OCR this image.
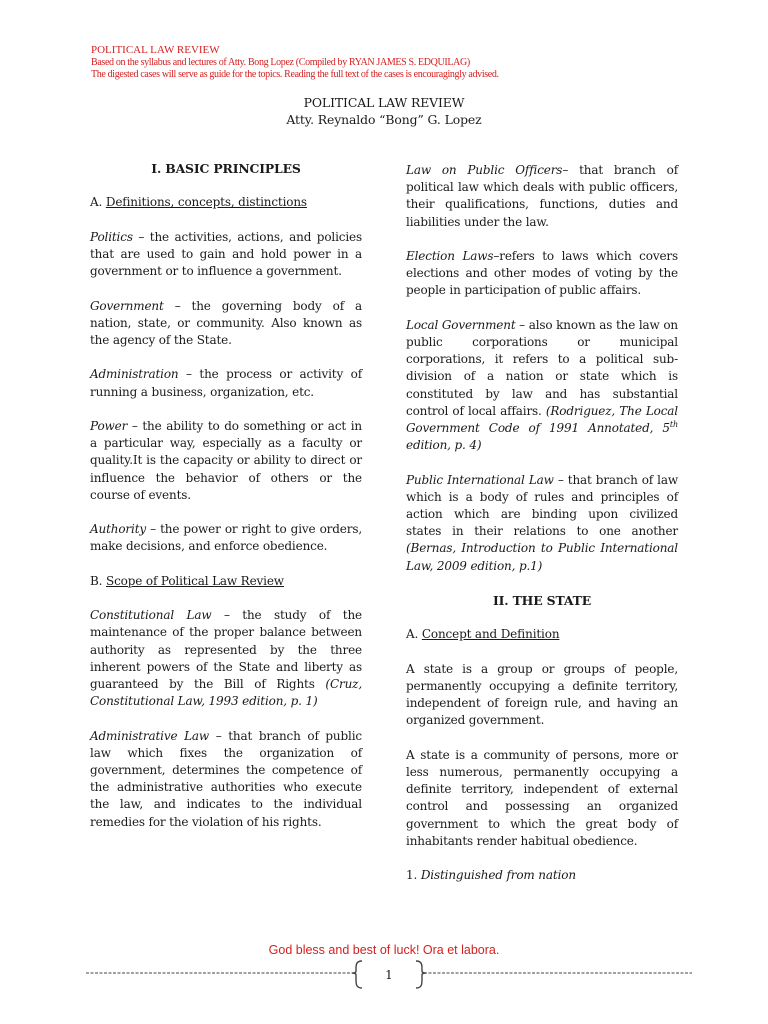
POLITICAL LAW REVIEW
Based on the syllabus and lectures of Atty. Bong Lopez (Compiled by RYAN JAMES S. EDQUILAG)
The digested cases will serve as guide for the topics. Reading the full text of the cases is encouragingly advised.
POLITICAL LAW REVIEW
Atty. Reynaldo “Bong” G. Lopez
I. BASIC PRINCIPLES
A. Definitions, concepts, distinctions

Politics – the activities, actions, and policies that are used to gain and hold power in a government or to influence a government.

Government – the governing body of a nation, state, or community. Also known as the agency of the State.

Administration – the process or activity of running a business, organization, etc.

Power – the ability to do something or act in a particular way, especially as a faculty or quality.It is the capacity or ability to direct or influence the behavior of others or the course of events.

Authority – the power or right to give orders, make decisions, and enforce obedience.

B. Scope of Political Law Review

Constitutional Law – the study of the maintenance of the proper balance between authority as represented by the three inherent powers of the State and liberty as guaranteed by the Bill of Rights (Cruz, Constitutional Law, 1993 edition, p. 1)

Administrative Law – that branch of public law which fixes the organization of government, determines the competence of the administrative authorities who execute the law, and indicates to the individual remedies for the violation of his rights.

Law on Public Officers– that branch of political law which deals with public officers, their qualifications, functions, duties and liabilities under the law.

Election Laws–refers to laws which covers elections and other modes of voting by the people in participation of public affairs.

Local Government – also known as the law on public corporations or municipal corporations, it refers to a political sub-division of a nation or state which is constituted by law and has substantial control of local affairs. (Rodriguez, The Local Government Code of 1991 Annotated, 5th edition, p. 4)

Public International Law – that branch of law which is a body of rules and principles of action which are binding upon civilized states in their relations to one another (Bernas, Introduction to Public International Law, 2009 edition, p.1)

II. THE STATE
A. Concept and Definition

A state is a group or groups of people, permanently occupying a definite territory, independent of foreign rule, and having an organized government.

A state is a community of persons, more or less numerous, permanently occupying a definite territory, independent of external control and possessing an organized government to which the great body of inhabitants render habitual obedience.

1. Distinguished from nation
God bless and best of luck! Ora et labora.
1
